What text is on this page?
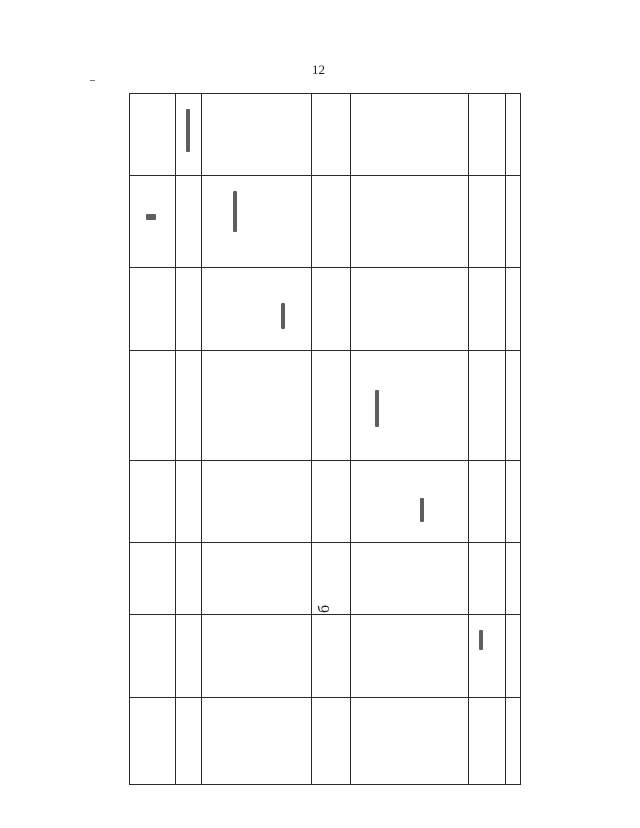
12
б
